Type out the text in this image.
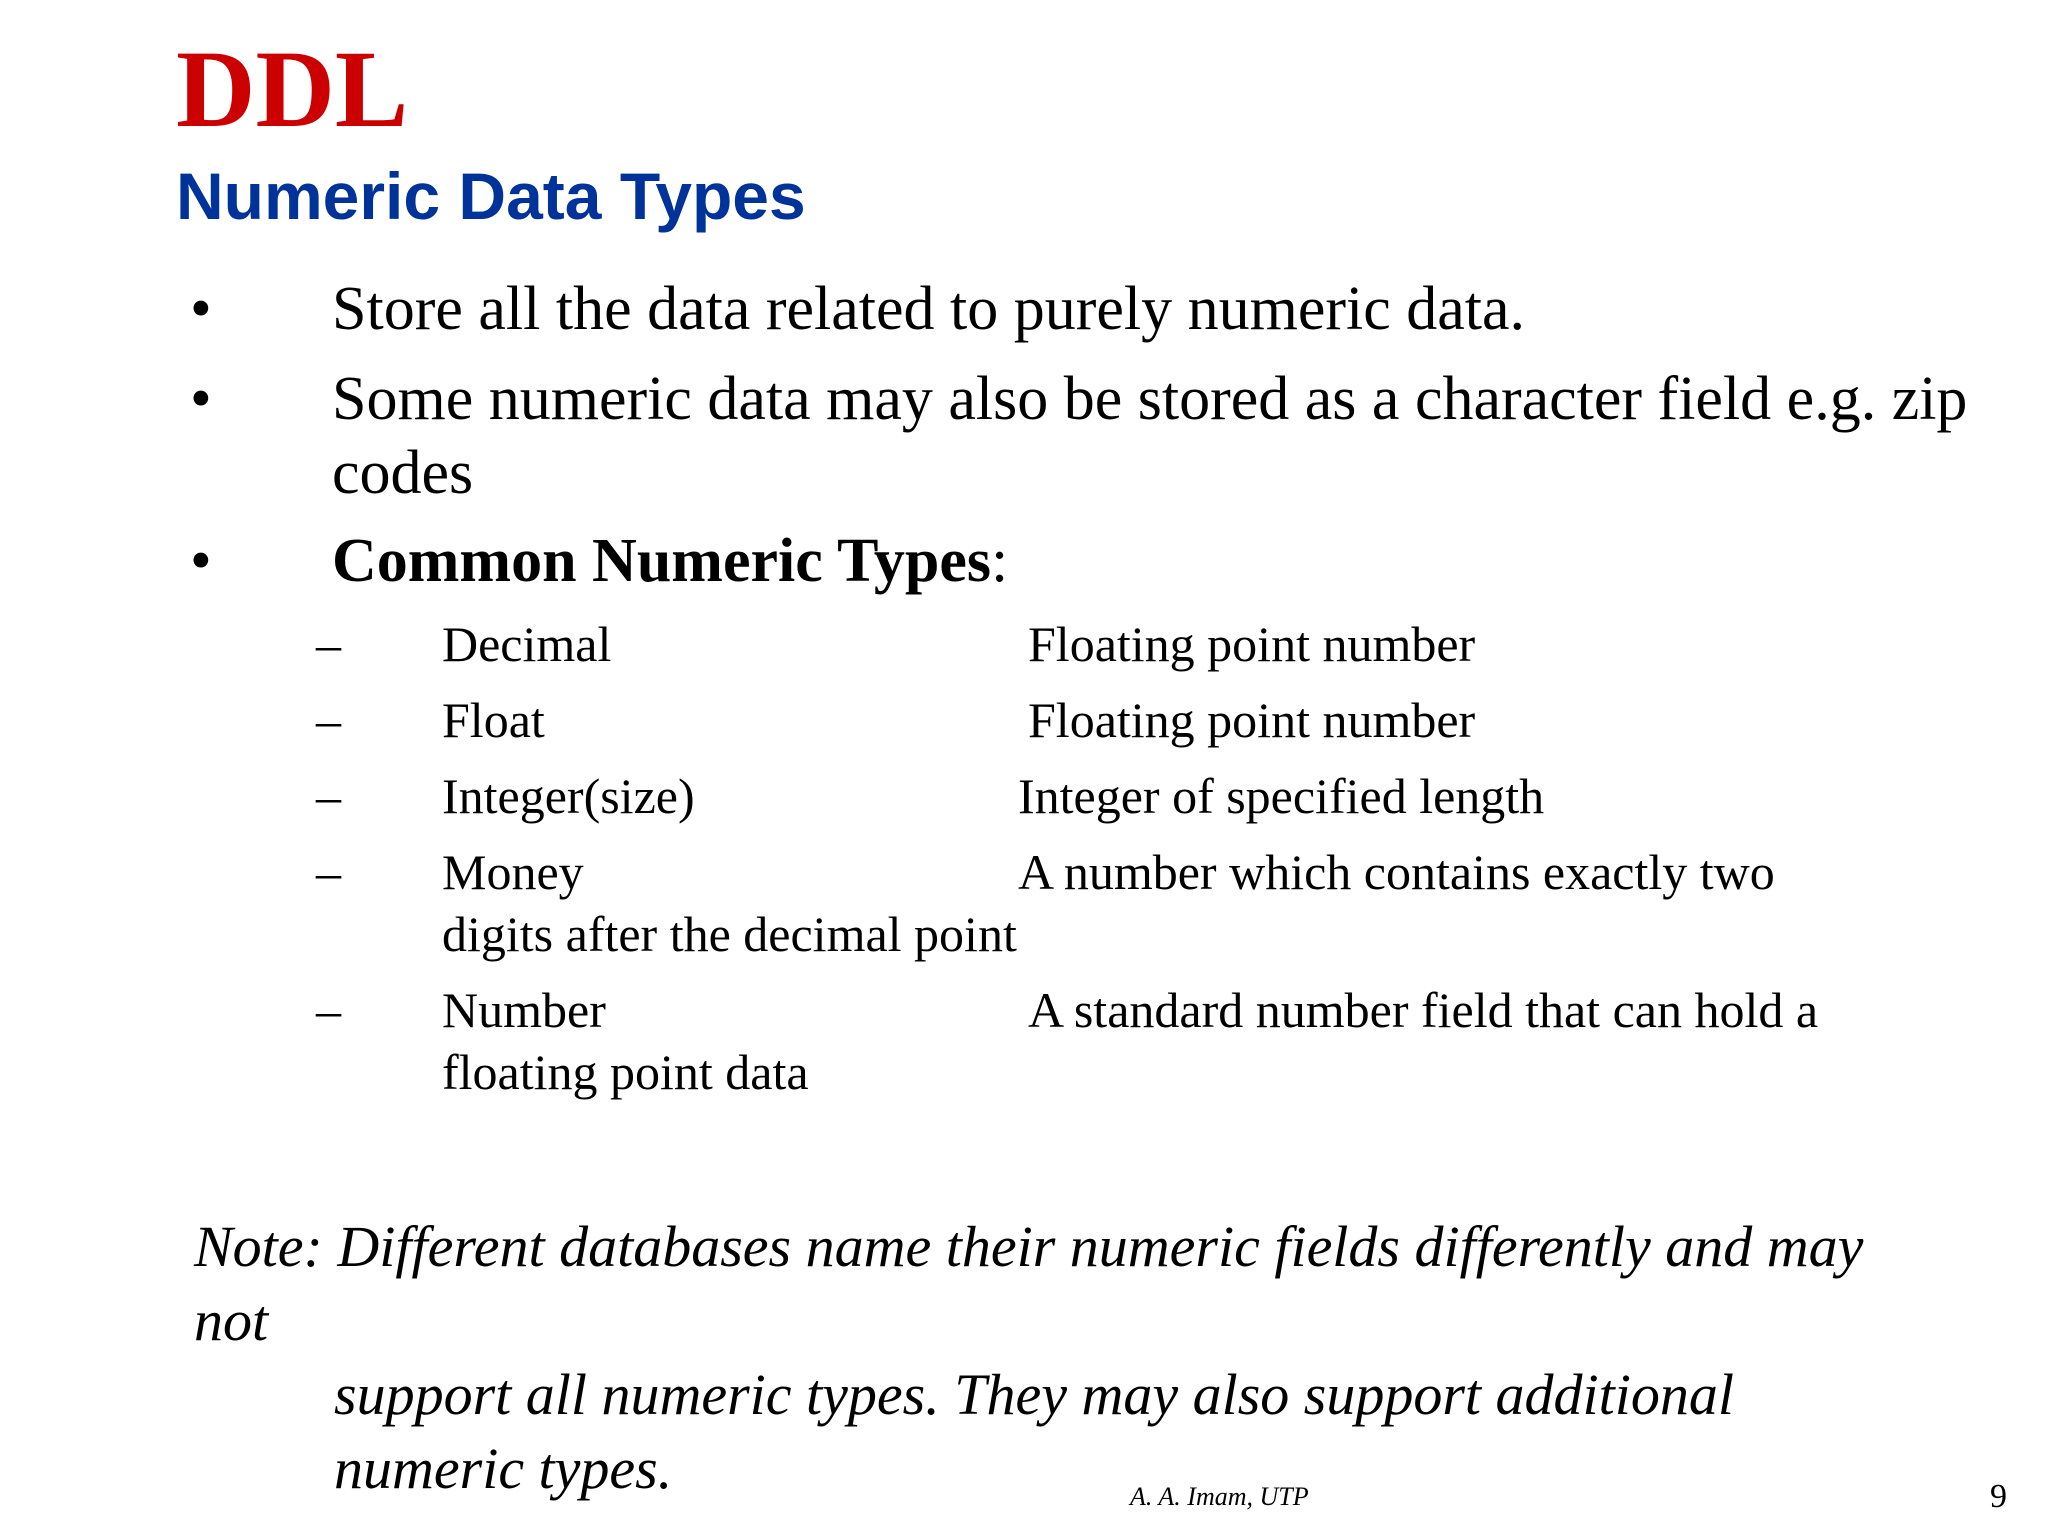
DDL
Numeric Data Types
• Store all the data related to purely numeric data.
• Some numeric data may also be stored as a character field e.g. zip codes
• Common Numeric Types:
– Decimal	Floating point number
– Float	Floating point number
– Integer(size)	Integer of specified length
– Money	A number which contains exactly two
digits after the decimal point
– Number	A standard number field that can hold a
floating point data
Note: Different databases name their numeric fields differently and may not
support all numeric types. They may also support additional numeric types.	A. A. Imam, UTP	9
